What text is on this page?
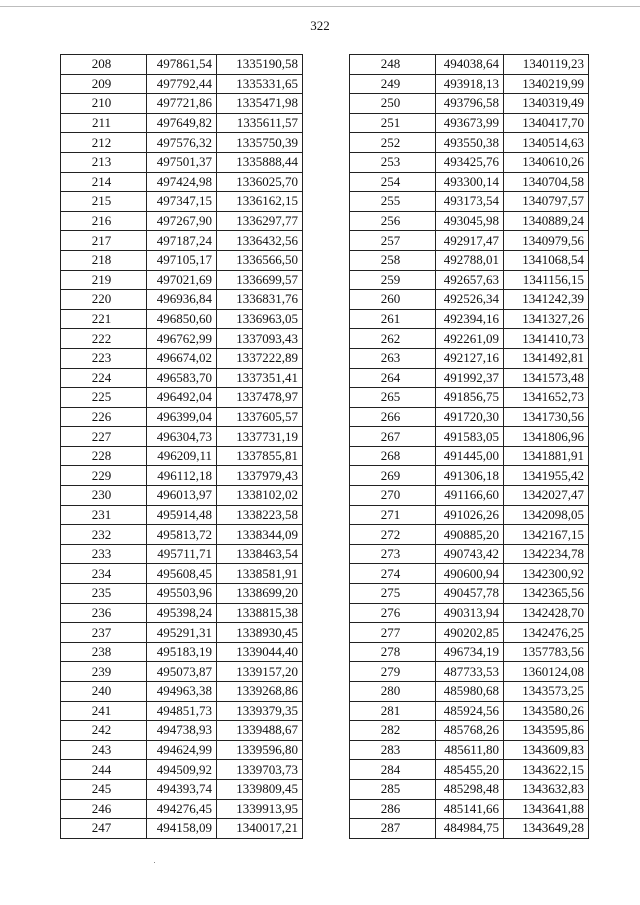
322
208	497861,54	1335190,58
209	497792,44	1335331,65
210	497721,86	1335471,98
211	497649,82	1335611,57
212	497576,32	1335750,39
213	497501,37	1335888,44
214	497424,98	1336025,70
215	497347,15	1336162,15
216	497267,90	1336297,77
217	497187,24	1336432,56
218	497105,17	1336566,50
219	497021,69	1336699,57
220	496936,84	1336831,76
221	496850,60	1336963,05
222	496762,99	1337093,43
223	496674,02	1337222,89
224	496583,70	1337351,41
225	496492,04	1337478,97
226	496399,04	1337605,57
227	496304,73	1337731,19
228	496209,11	1337855,81
229	496112,18	1337979,43
230	496013,97	1338102,02
231	495914,48	1338223,58
232	495813,72	1338344,09
233	495711,71	1338463,54
234	495608,45	1338581,91
235	495503,96	1338699,20
236	495398,24	1338815,38
237	495291,31	1338930,45
238	495183,19	1339044,40
239	495073,87	1339157,20
240	494963,38	1339268,86
241	494851,73	1339379,35
242	494738,93	1339488,67
243	494624,99	1339596,80
244	494509,92	1339703,73
245	494393,74	1339809,45
246	494276,45	1339913,95
247	494158,09	1340017,21
248	494038,64	1340119,23
249	493918,13	1340219,99
250	493796,58	1340319,49
251	493673,99	1340417,70
252	493550,38	1340514,63
253	493425,76	1340610,26
254	493300,14	1340704,58
255	493173,54	1340797,57
256	493045,98	1340889,24
257	492917,47	1340979,56
258	492788,01	1341068,54
259	492657,63	1341156,15
260	492526,34	1341242,39
261	492394,16	1341327,26
262	492261,09	1341410,73
263	492127,16	1341492,81
264	491992,37	1341573,48
265	491856,75	1341652,73
266	491720,30	1341730,56
267	491583,05	1341806,96
268	491445,00	1341881,91
269	491306,18	1341955,42
270	491166,60	1342027,47
271	491026,26	1342098,05
272	490885,20	1342167,15
273	490743,42	1342234,78
274	490600,94	1342300,92
275	490457,78	1342365,56
276	490313,94	1342428,70
277	490202,85	1342476,25
278	496734,19	1357783,56
279	487733,53	1360124,08
280	485980,68	1343573,25
281	485924,56	1343580,26
282	485768,26	1343595,86
283	485611,80	1343609,83
284	485455,20	1343622,15
285	485298,48	1343632,83
286	485141,66	1343641,88
287	484984,75	1343649,28
